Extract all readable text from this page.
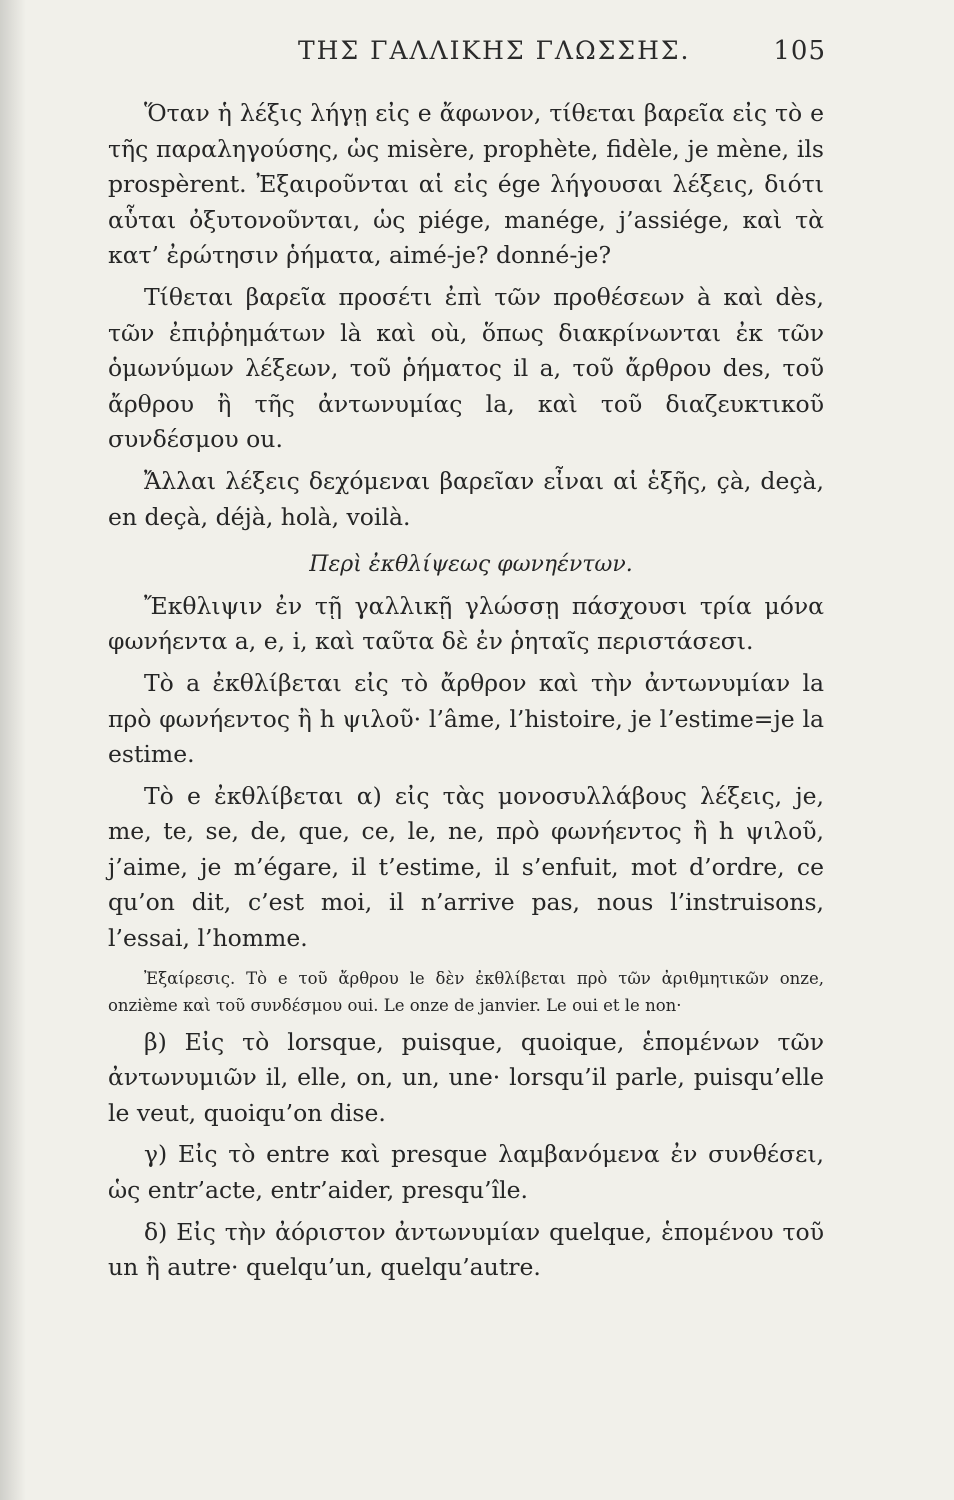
ΤΗΣ ΓΑΛΛΙΚΗΣ ΓΛΩΣΣΗΣ.	105

Ὅταν ἡ λέξις λήγῃ εἰς e ἄφωνον, τίθεται βαρεῖα εἰς τὸ e τῆς παραληγούσης, ὡς misère, prophète, fidèle, je mène, ils prospèrent. Ἐξαιροῦνται αἱ εἰς ége λήγουσαι λέξεις, διότι αὗται ὀξυτονοῦνται, ὡς piége, manége, j’assiége, καὶ τὰ κατ’ ἐρώτησιν ῥήματα, aimé-je? donné-je?

Τίθεται βαρεῖα προσέτι ἐπὶ τῶν προθέσεων à καὶ dès, τῶν ἐπιῤῥημάτων là καὶ où, ὅπως διακρίνωνται ἐκ τῶν ὁμωνύμων λέξεων, τοῦ ῥήματος il a, τοῦ ἄρθρου des, τοῦ ἄρθρου ἢ τῆς ἀντωνυμίας la, καὶ τοῦ διαζευκτικοῦ συνδέσμου ou.

Ἄλλαι λέξεις δεχόμεναι βαρεῖαν εἶναι αἱ ἑξῆς, çà, deçà, en deçà, déjà, holà, voilà.

Περὶ ἐκθλίψεως φωνηέντων.

Ἔκθλιψιν ἐν τῇ γαλλικῇ γλώσσῃ πάσχουσι τρία μόνα φωνήεντα a, e, i, καὶ ταῦτα δὲ ἐν ῥηταῖς περιστάσεσι.

Τὸ a ἐκθλίβεται εἰς τὸ ἄρθρον καὶ τὴν ἀντωνυμίαν la πρὸ φωνήεντος ἢ h ψιλοῦ· l’âme, l’histoire, je l’estime=je la estime.

Τὸ e ἐκθλίβεται α) εἰς τὰς μονοσυλλάβους λέξεις, je, me, te, se, de, que, ce, le, ne, πρὸ φωνήεντος ἢ h ψιλοῦ, j’aime, je m’égare, il t’estime, il s’enfuit, mot d’ordre, ce qu’on dit, c’est moi, il n’arrive pas, nous l’instruisons, l’essai, l’homme.

Ἐξαίρεσις. Τὸ e τοῦ ἄρθρου le δὲν ἐκθλίβεται πρὸ τῶν ἀριθμητικῶν onze, onzième καὶ τοῦ συνδέσμου oui. Le onze de janvier. Le oui et le non·

β) Εἰς τὸ lorsque, puisque, quoique, ἑπομένων τῶν ἀντωνυμιῶν il, elle, on, un, une· lorsqu’il parle, puisqu’elle le veut, quoiqu’on dise.

γ) Εἰς τὸ entre καὶ presque λαμβανόμενα ἐν συνθέσει, ὡς entr’acte, entr’aider, presqu’île.

δ) Εἰς τὴν ἀόριστον ἀντωνυμίαν quelque, ἑπομένου τοῦ un ἢ autre· quelqu’un, quelqu’autre.
